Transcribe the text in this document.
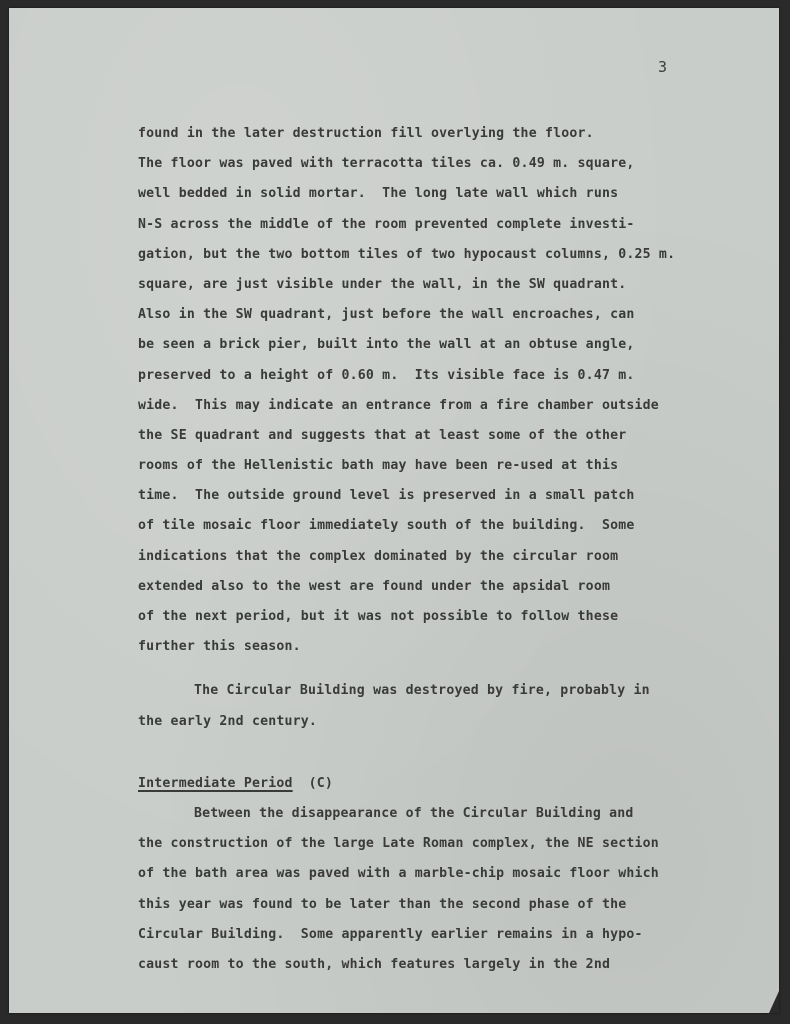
3
found in the later destruction fill overlying the floor.
The floor was paved with terracotta tiles ca. 0.49 m. square,
well bedded in solid mortar.  The long late wall which runs
N-S across the middle of the room prevented complete investi-
gation, but the two bottom tiles of two hypocaust columns, 0.25 m.
square, are just visible under the wall, in the SW quadrant.
Also in the SW quadrant, just before the wall encroaches, can
be seen a brick pier, built into the wall at an obtuse angle,
preserved to a height of 0.60 m.  Its visible face is 0.47 m.
wide.  This may indicate an entrance from a fire chamber outside
the SE quadrant and suggests that at least some of the other
rooms of the Hellenistic bath may have been re-used at this
time.  The outside ground level is preserved in a small patch
of tile mosaic floor immediately south of the building.  Some
indications that the complex dominated by the circular room
extended also to the west are found under the apsidal room
of the next period, but it was not possible to follow these
further this season.
The Circular Building was destroyed by fire, probably in
the early 2nd century.
Intermediate Period (C)
Between the disappearance of the Circular Building and
the construction of the large Late Roman complex, the NE section
of the bath area was paved with a marble-chip mosaic floor which
this year was found to be later than the second phase of the
Circular Building.  Some apparently earlier remains in a hypo-
caust room to the south, which features largely in the 2nd
